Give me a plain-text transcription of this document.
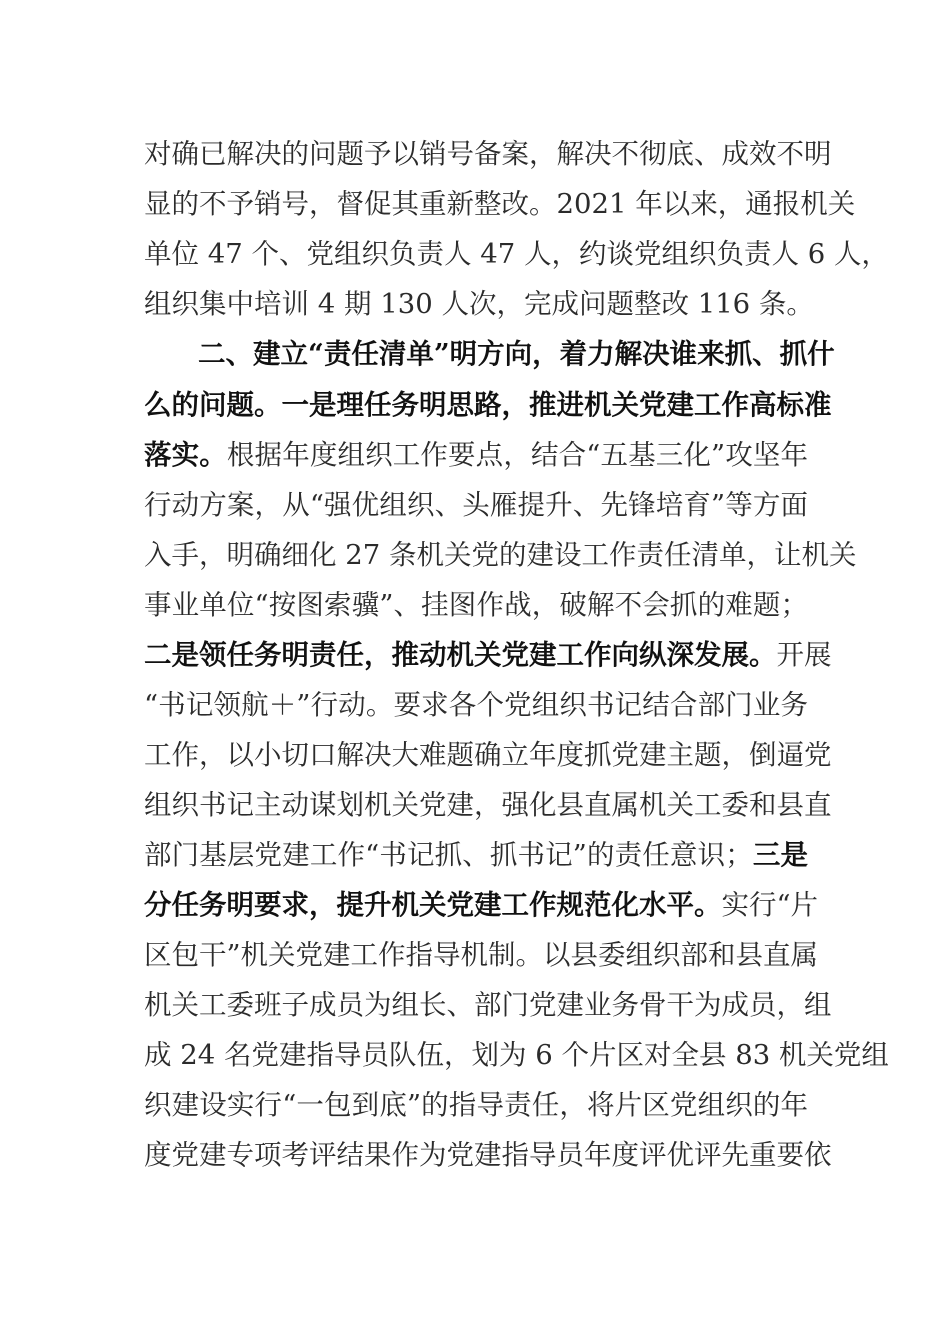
对确已解决的问题予以销号备案，解决不彻底、成效不明
显的不予销号，督促其重新整改。2021 年以来，通报机关
单位 47 个、党组织负责人 47 人，约谈党组织负责人 6 人，
组织集中培训 4 期 130 人次，完成问题整改 116 条。
二、建立“责任清单”明方向，着力解决谁来抓、抓什
么的问题。一是理任务明思路，推进机关党建工作高标准
落实。根据年度组织工作要点，结合“五基三化”攻坚年
行动方案，从“强优组织、头雁提升、先锋培育”等方面
入手，明确细化 27 条机关党的建设工作责任清单，让机关
事业单位“按图索骥”、挂图作战，破解不会抓的难题；
二是领任务明责任，推动机关党建工作向纵深发展。开展
“书记领航＋”行动。要求各个党组织书记结合部门业务
工作，以小切口解决大难题确立年度抓党建主题，倒逼党
组织书记主动谋划机关党建，强化县直属机关工委和县直
部门基层党建工作“书记抓、抓书记”的责任意识；三是
分任务明要求，提升机关党建工作规范化水平。实行“片
区包干”机关党建工作指导机制。以县委组织部和县直属
机关工委班子成员为组长、部门党建业务骨干为成员，组
成 24 名党建指导员队伍，划为 6 个片区对全县 83 机关党组
织建设实行“一包到底”的指导责任，将片区党组织的年
度党建专项考评结果作为党建指导员年度评优评先重要依
